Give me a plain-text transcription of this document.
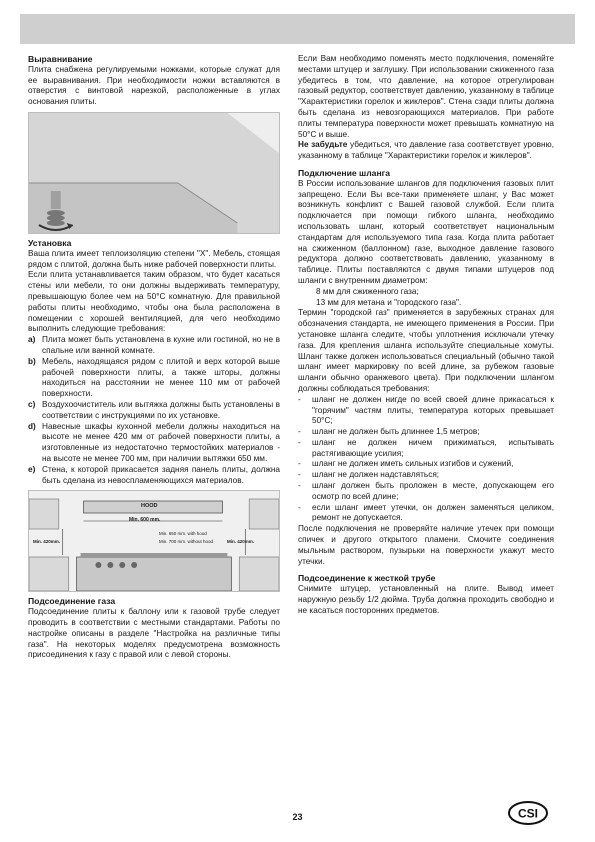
Выравнивание

Плита снабжена регулируемыми ножками, которые служат для ее выравнивания. При необходимости ножки вставляются в отверстия с винтовой нарезкой, расположенные в углах основания плиты.

Установка

Ваша плита имеет теплоизоляцию степени "X". Мебель, стоящая рядом с плитой, должна быть ниже рабочей поверхности плиты.

Если плита устанавливается таким образом, что будет касаться стены или мебели, то они должны выдерживать температуру, превышающую более чем на 50°С комнатную. Для правильной работы плиты необходимо, чтобы она была расположена в помещении с хорошей вентиляцией, для чего необходимо выполнить следующие требования:

a) Плита может быть установлена в кухне или гостиной, но не в спальне или ванной комнате.
b) Мебель, находящаяся рядом с плитой и верх которой выше рабочей поверхности плиты, а также шторы, должны находиться на расстоянии не менее 110 мм от рабочей поверхности.
c) Воздухоочиститель или вытяжка должны быть установлены в соответствии с инструкциями по их установке.
d) Навесные шкафы кухонной мебели должны находиться на высоте не менее 420 мм от рабочей поверхности плиты, а изготовленные из недостаточно термостойких материалов - на высоте не менее 700 мм, при наличии вытяжки 650 мм.
e) Стена, к которой прикасается задняя панель плиты, должна быть сделана из невоспламеняющихся материалов.
HOOD
Min. 600 mm.
Min. 420mm.	Min. 420mm.
Min. 650 mm. with hood
Min. 700 mm. without hood

Подсоединение газа

Подсоединение плиты к баллону или к газовой трубе следует проводить в соответствии с местными стандартами. Работы по настройке описаны в разделе "Настройка на различные типы газа". На некоторых моделях предусмотрена возможность присоединения к газу с правой или с левой стороны.

Если Вам необходимо поменять место подключения, поменяйте местами штуцер и заглушку. При использовании сжиженного газа убедитесь в том, что давление, на которое отрегулирован газовый редуктор, соответствует давлению, указанному в таблице "Характеристики горелок и жиклеров". Стена сзади плиты должна быть сделана из невозгорающихся материалов. При работе плиты температура поверхности может превышать комнатную на 50°С и выше.

Не забудьте убедиться, что давление газа соответствует уровню, указанному в таблице "Характеристики горелок и жиклеров".

Подключение шланга

В России использование шлангов для подключения газовых плит запрещено. Если Вы все-таки применяете шланг, у Вас может возникнуть конфликт с Вашей газовой службой. Если плита подключается при помощи гибкого шланга, необходимо использовать шланг, который соответствует национальным стандартам для используемого типа газа. Когда плита работает на сжиженном (баллонном) газе, выходное давление газового редуктора должно соответствовать давлению, указанному в таблице. Плиты поставляются с двумя типами штуцеров под шланги с внутренним диаметром:

8 мм для сжиженного газа;

13 мм для метана и "городского газа".

Термин "городской газ" применяется в зарубежных странах для обозначения стандарта, не имеющего применения в России. При установке шланга следите, чтобы уплотнения исключали утечку газа. Для крепления шланга используйте специальные хомуты. Шланг также должен использоваться специальный (обычно такой шланг имеет маркировку по всей длине, за рубежом газовые шланги обычно оранжевого цвета). При подключении шлангом должны соблюдаться требования:

-	шланг не должен нигде по всей своей длине прикасаться к "горячим" частям плиты, температура которых превышает 50°С;
-	шланг не должен быть длиннее 1,5 метров;
-	шланг не должен ничем прижиматься, испытывать растягивающие усилия;
-	шланг не должен иметь сильных изгибов и сужений,
-	шланг не должен надставляться;
-	шланг должен быть проложен в месте, допускающем его осмотр по всей длине;
-	если шланг имеет утечки, он должен заменяться целиком, ремонт не допускается.

После подключения не проверяйте наличие утечек при помощи спичек и другого открытого пламени. Смочите соединения мыльным раствором, пузырьки на поверхности укажут место утечки.

Подсоединение к жесткой трубе

Снимите штуцер, установленный на плите. Вывод имеет наружную резьбу 1/2 дюйма. Труба должна проходить свободно и не касаться посторонних предметов.

23	CSI
